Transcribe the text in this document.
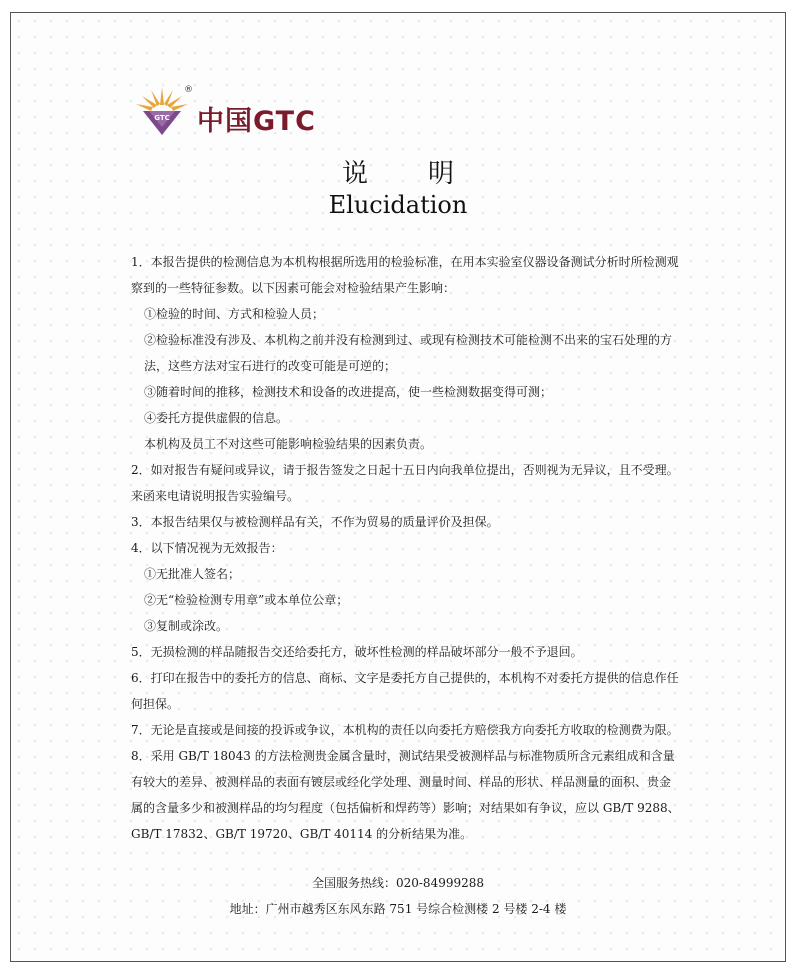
GTC
®
中国GTC
说明
Elucidation

1．本报告提供的检测信息为本机构根据所选用的检验标准，在用本实验室仪器设备测试分析时所检测观察到的一些特征参数。以下因素可能会对检验结果产生影响：

①检验的时间、方式和检验人员；

②检验标准没有涉及、本机构之前并没有检测到过、或现有检测技术可能检测不出来的宝石处理的方法，这些方法对宝石进行的改变可能是可逆的；

③随着时间的推移，检测技术和设备的改进提高，使一些检测数据变得可测；

④委托方提供虚假的信息。

本机构及员工不对这些可能影响检验结果的因素负责。

2．如对报告有疑问或异议，请于报告签发之日起十五日内向我单位提出，否则视为无异议，且不受理。来函来电请说明报告实验编号。

3．本报告结果仅与被检测样品有关，不作为贸易的质量评价及担保。

4．以下情况视为无效报告：

①无批准人签名；

②无“检验检测专用章”或本单位公章；

③复制或涂改。

5．无损检测的样品随报告交还给委托方，破坏性检测的样品破坏部分一般不予退回。

6．打印在报告中的委托方的信息、商标、文字是委托方自己提供的，本机构不对委托方提供的信息作任何担保。

7．无论是直接或是间接的投诉或争议，本机构的责任以向委托方赔偿我方向委托方收取的检测费为限。

8．采用 GB/T 18043 的方法检测贵金属含量时，测试结果受被测样品与标准物质所含元素组成和含量有较大的差异、被测样品的表面有镀层或经化学处理、测量时间、样品的形状、样品测量的面积、贵金属的含量多少和被测样品的均匀程度（包括偏析和焊药等）影响；对结果如有争议，应以 GB/T 9288、GB/T 17832、GB/T 19720、GB/T 40114 的分析结果为准。

全国服务热线：020-84999288
地址：广州市越秀区东风东路 751 号综合检测楼 2 号楼 2-4 楼
